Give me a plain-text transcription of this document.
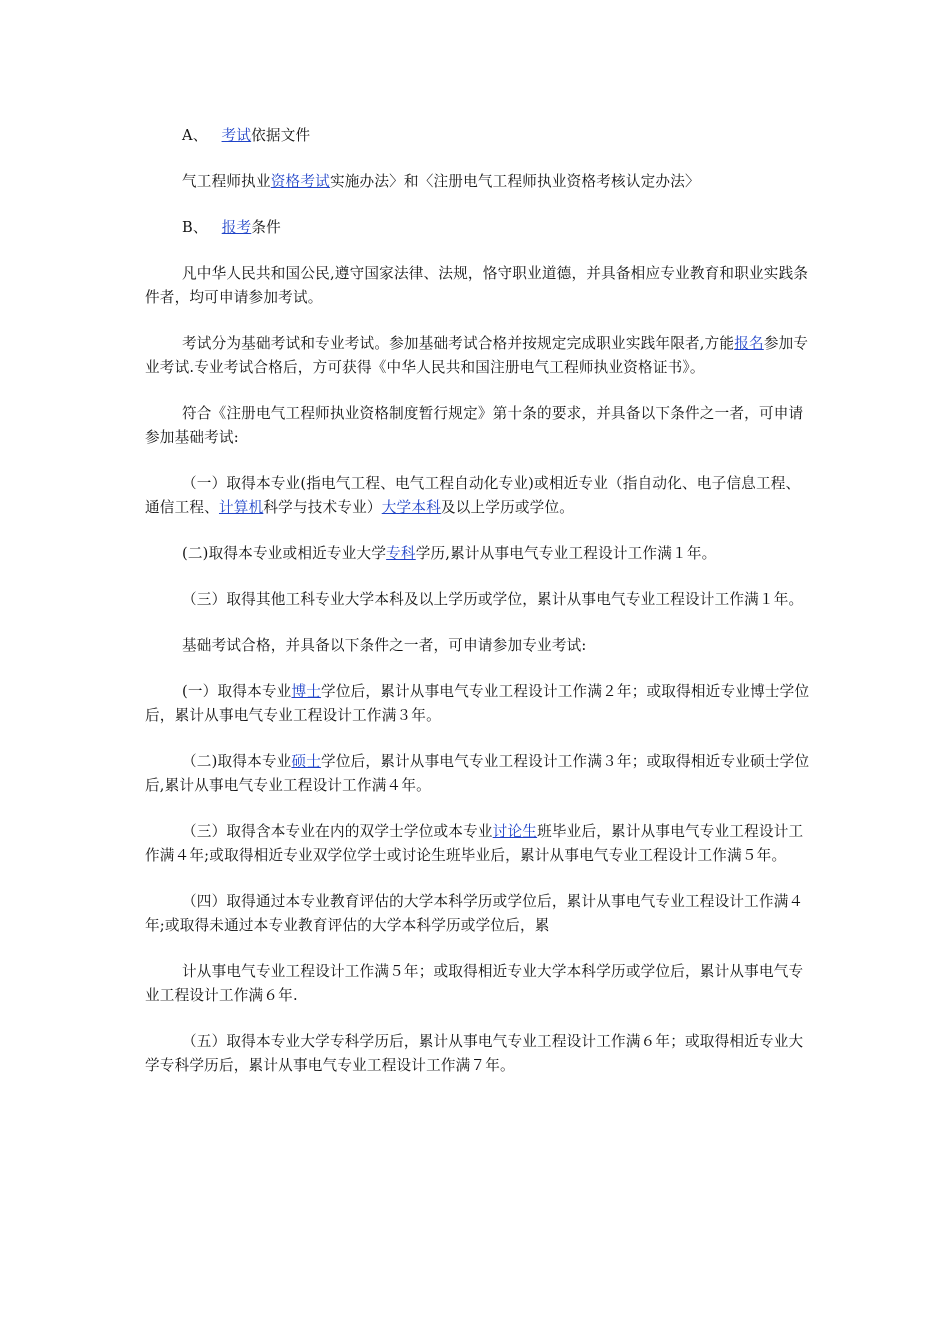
A、 考试依据文件

气工程师执业资格考试实施办法〉和〈注册电气工程师执业资格考核认定办法〉

B、 报考条件

凡中华人民共和国公民,遵守国家法律、法规，恪守职业道德，并具备相应专业教育和职业实践条件者，均可申请参加考试。

考试分为基础考试和专业考试。参加基础考试合格并按规定完成职业实践年限者,方能报名参加专业考试.专业考试合格后，方可获得《中华人民共和国注册电气工程师执业资格证书》。

符合《注册电气工程师执业资格制度暂行规定》第十条的要求，并具备以下条件之一者，可申请参加基础考试:

（一）取得本专业(指电气工程、电气工程自动化专业)或相近专业（指自动化、电子信息工程、通信工程、计算机科学与技术专业）大学本科及以上学历或学位。

(二)取得本专业或相近专业大学专科学历,累计从事电气专业工程设计工作满１年。

（三）取得其他工科专业大学本科及以上学历或学位，累计从事电气专业工程设计工作满１年。

基础考试合格，并具备以下条件之一者，可申请参加专业考试:

(一）取得本专业博士学位后，累计从事电气专业工程设计工作满２年；或取得相近专业博士学位后，累计从事电气专业工程设计工作满３年。

（二)取得本专业硕士学位后，累计从事电气专业工程设计工作满３年；或取得相近专业硕士学位后,累计从事电气专业工程设计工作满４年。

（三）取得含本专业在内的双学士学位或本专业讨论生班毕业后，累计从事电气专业工程设计工作满４年;或取得相近专业双学位学士或讨论生班毕业后，累计从事电气专业工程设计工作满５年。

（四）取得通过本专业教育评估的大学本科学历或学位后，累计从事电气专业工程设计工作满４年;或取得未通过本专业教育评估的大学本科学历或学位后，累

计从事电气专业工程设计工作满５年；或取得相近专业大学本科学历或学位后，累计从事电气专业工程设计工作满６年.

（五）取得本专业大学专科学历后，累计从事电气专业工程设计工作满６年；或取得相近专业大学专科学历后，累计从事电气专业工程设计工作满７年。
